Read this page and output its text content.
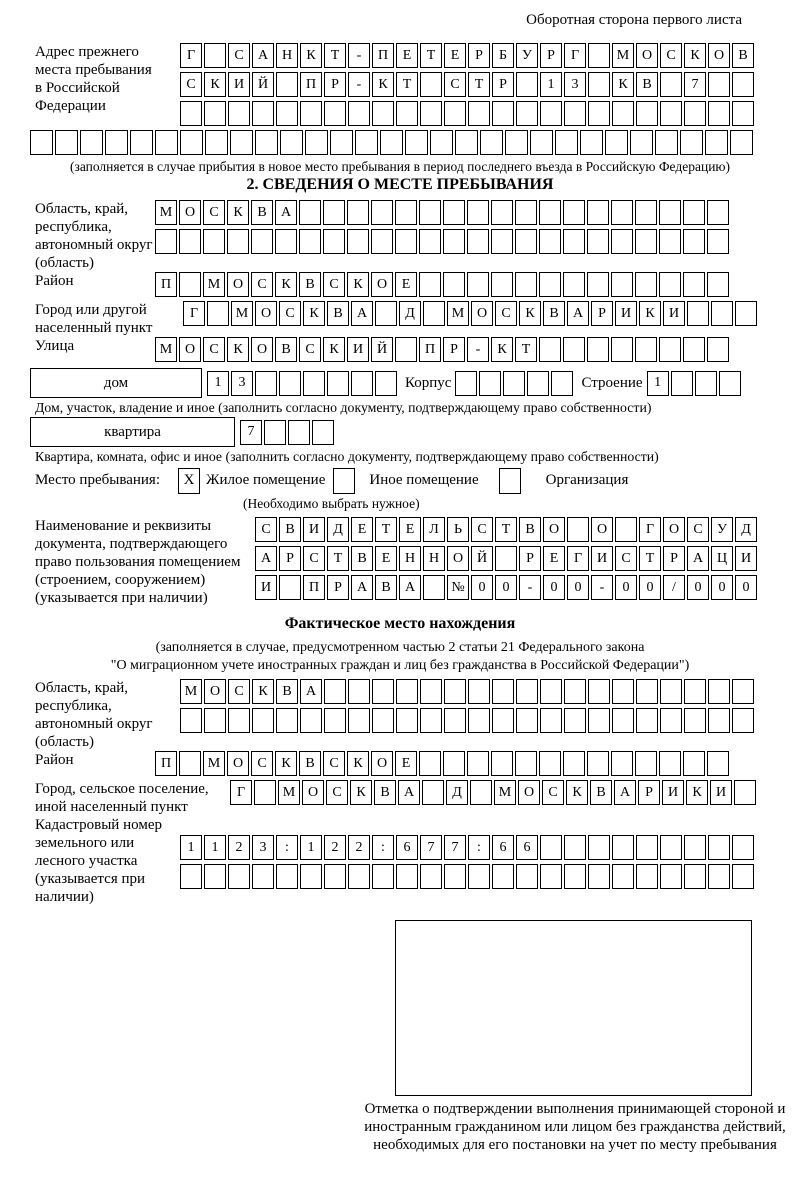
Оборотная сторона первого листа
Адрес прежнего места пребывания в Российской Федерации
Г	С А Н К Т - П Е Т Е Р Б У Р Г	М О С К О В
С К И Й	П Р - К Т	С Т Р	1 3	К В	7
(заполняется в случае прибытия в новое место пребывания в период последнего въезда в Российскую Федерацию)
2. СВЕДЕНИЯ О МЕСТЕ ПРЕБЫВАНИЯ
Область, край, республика, автономный округ (область)
М О С К В А
Район	П	М О С К В С К О Е
Город или другой населенный пункт
Г	М О С К В А	Д	М О С К В А Р И К И
Улица	М О С К О В С К И Й	П Р - К Т
дом	1 3	Корпус	Строение 1
Дом, участок, владение и иное (заполнить согласно документу, подтверждающему право собственности)
квартира	7
Квартира, комната, офис и иное (заполнить согласно документу, подтверждающему право собственности)
Место пребывания:	X Жилое помещение	Иное помещение	Организация
(Необходимо выбрать нужное)
Наименование и реквизиты документа, подтверждающего право пользования помещением (строением, сооружением) (указывается при наличии)
С В И Д Е Т Е Л Ь С Т В О	О	Г О С У Д
А Р С Т В Е Н Н О Й	Р Е Г И С Т Р А Ц И
И	П Р А В А	№ 0 0 - 0 0 - 0 0 / 0 0 0
Фактическое место нахождения
(заполняется в случае, предусмотренном частью 2 статьи 21 Федерального закона
"О миграционном учете иностранных граждан и лиц без гражданства в Российской Федерации")
Область, край, республика, автономный округ (область)
М О С К В А
Район	П	М О С К В С К О Е
Город, сельское поселение, иной населенный пункт
Г	М О С К В А	Д	М О С К В А Р И К И
Кадастровый номер земельного или лесного участка (указывается при наличии)
1 1 2 3 : 1 2 2 : 6 7 7 : 6 6
Отметка о подтверждении выполнения принимающей стороной и иностранным гражданином или лицом без гражданства действий, необходимых для его постановки на учет по месту пребывания
